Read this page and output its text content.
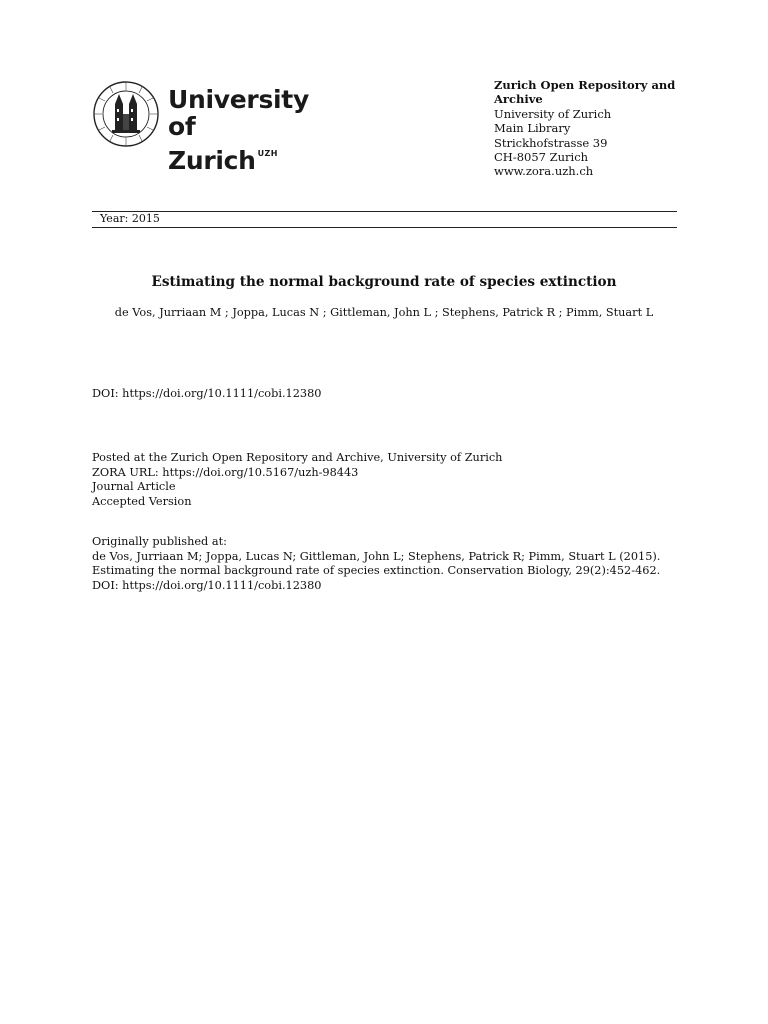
University of
Zurich $^{UZH}$
Zurich Open Repository and
Archive
University of Zurich
Main Library
Strickhofstrasse 39
CH-8057 Zurich
www.zora.uzh.ch
Year: 2015
Estimating the normal background rate of species extinction
de Vos, Jurriaan M ; Joppa, Lucas N ; Gittleman, John L ; Stephens, Patrick R ; Pimm, Stuart L
DOI: https://doi.org/10.1111/cobi.12380
Posted at the Zurich Open Repository and Archive, University of Zurich
ZORA URL: https://doi.org/10.5167/uzh-98443
Journal Article
Accepted Version
Originally published at:
de Vos, Jurriaan M; Joppa, Lucas N; Gittleman, John L; Stephens, Patrick R; Pimm, Stuart L (2015).
Estimating the normal background rate of species extinction. Conservation Biology, 29(2):452-462.
DOI: https://doi.org/10.1111/cobi.12380
